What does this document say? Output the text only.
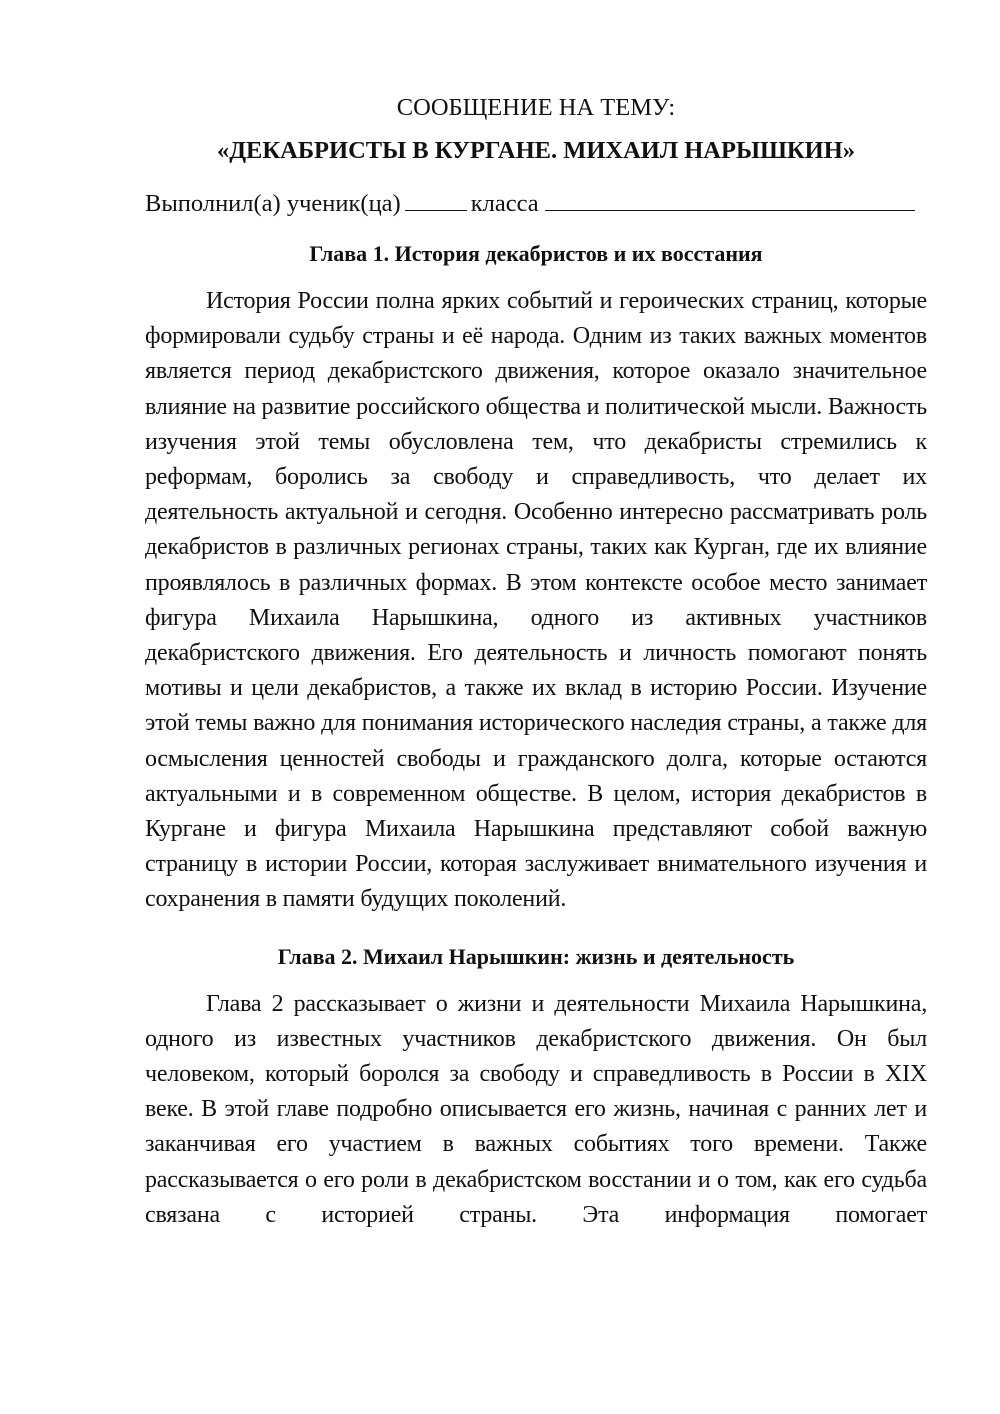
СООБЩЕНИЕ НА ТЕМУ:

«ДЕКАБРИСТЫ В КУРГАНЕ. МИХАИЛ НАРЫШКИН»

Выполнил(а) ученик(ца)	класса
Глава 1. История декабристов и их восстания

История России полна ярких событий и героических страниц, которые формировали судьбу страны и её народа. Одним из таких важных моментов является период декабристского движения, которое оказало значительное влияние на развитие российского общества и политической мысли. Важность изучения этой темы обусловлена тем, что декабристы стремились к реформам, боролись за свободу и справедливость, что делает их деятельность актуальной и сегодня. Особенно интересно рассматривать роль декабристов в различных регионах страны, таких как Курган, где их влияние проявлялось в различных формах. В этом контексте особое место занимает фигура Михаила Нарышкина, одного из активных участников декабристского движения. Его деятельность и личность помогают понять мотивы и цели декабристов, а также их вклад в историю России. Изучение этой темы важно для понимания исторического наследия страны, а также для осмысления ценностей свободы и гражданского долга, которые остаются актуальными и в современном обществе. В целом, история декабристов в Кургане и фигура Михаила Нарышкина представляют собой важную страницу в истории России, которая заслуживает внимательного изучения и сохранения в памяти будущих поколений.

Глава 2. Михаил Нарышкин: жизнь и деятельность

Глава 2 рассказывает о жизни и деятельности Михаила Нарышкина, одного из известных участников декабристского движения. Он был человеком, который боролся за свободу и справедливость в России в XIX веке. В этой главе подробно описывается его жизнь, начиная с ранних лет и заканчивая его участием в важных событиях того времени. Также рассказывается о его роли в декабристском восстании и о том, как его судьба связана с историей страны. Эта информация помогает
